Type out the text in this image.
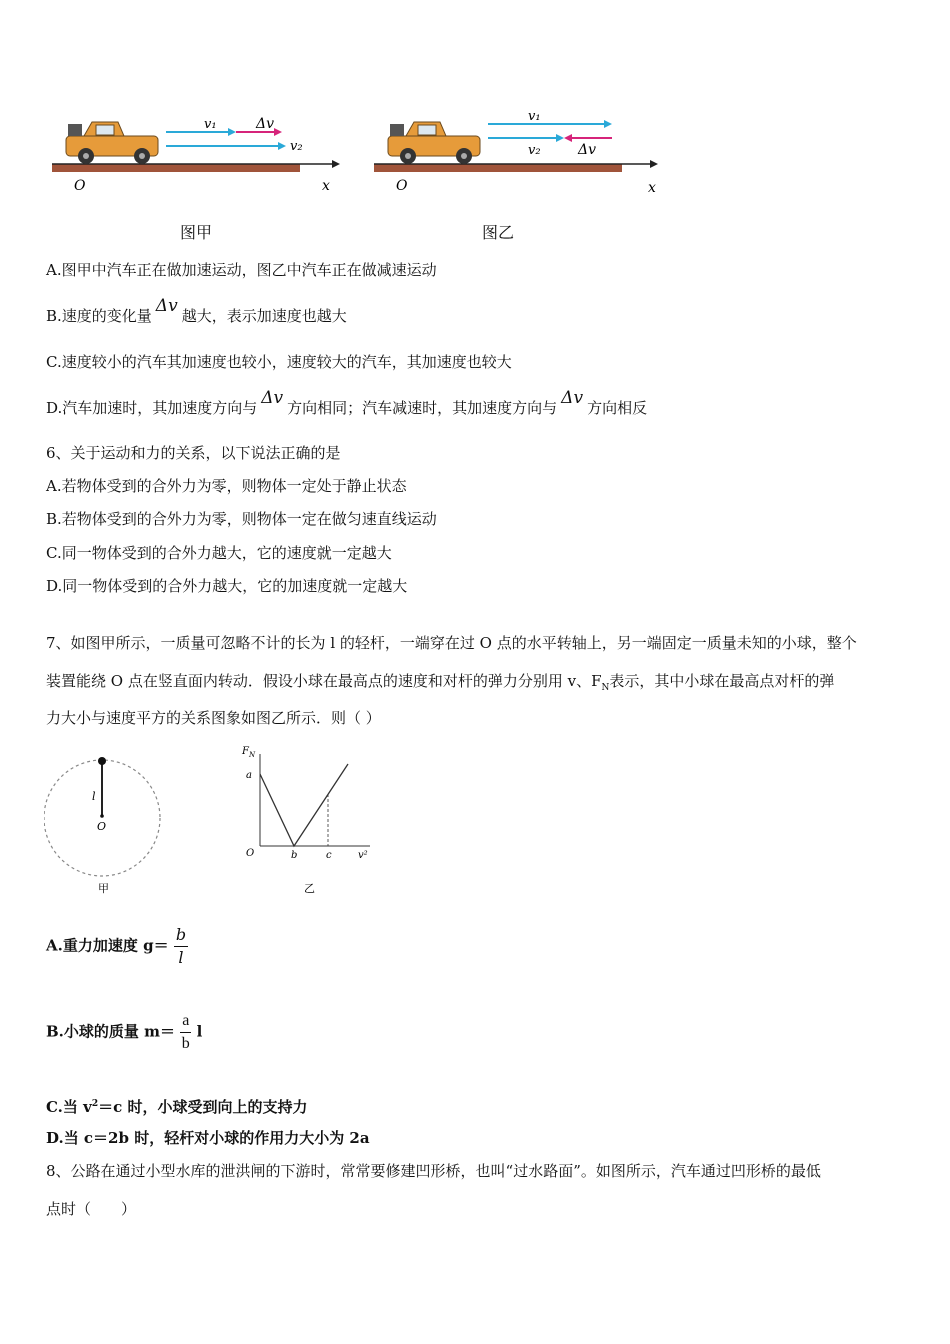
v₁	Δv
v₂
O	x
图甲
v₁
v₂	Δv
O	x
图乙
A.图甲中汽车正在做加速运动，图乙中汽车正在做减速运动
B.速度的变化量 Δv 越大，表示加速度也越大
C.速度较小的汽车其加速度也较小，速度较大的汽车，其加速度也较大
D.汽车加速时，其加速度方向与 Δv 方向相同；汽车减速时，其加速度方向与 Δv 方向相反
6、关于运动和力的关系，以下说法正确的是
A.若物体受到的合外力为零，则物体一定处于静止状态
B.若物体受到的合外力为零，则物体一定在做匀速直线运动
C.同一物体受到的合外力越大，它的速度就一定越大
D.同一物体受到的合外力越大，它的加速度就一定越大
7、如图甲所示，一质量可忽略不计的长为 l 的轻杆，一端穿在过 O 点的水平转轴上，另一端固定一质量未知的小球，整个
装置能绕 O 点在竖直面内转动．假设小球在最高点的速度和对杆的弹力分别用 v、$F_N$表示，其中小球在最高点对杆的弹
力大小与速度平方的关系图象如图乙所示．则（ ）
l
O
甲
$F_N$
a
O	b	c	v²
乙
A.重力加速度 $g= \frac{b}{l}$
B.小球的质量 $m= \frac{a}{b}$ l
C.当 $v^2=c$ 时，小球受到向上的支持力
D.当 c＝2b 时，轻杆对小球的作用力大小为 2a
8、公路在通过小型水库的泄洪闸的下游时，常常要修建凹形桥，也叫“过水路面”。如图所示，汽车通过凹形桥的最低
点时（　　）
